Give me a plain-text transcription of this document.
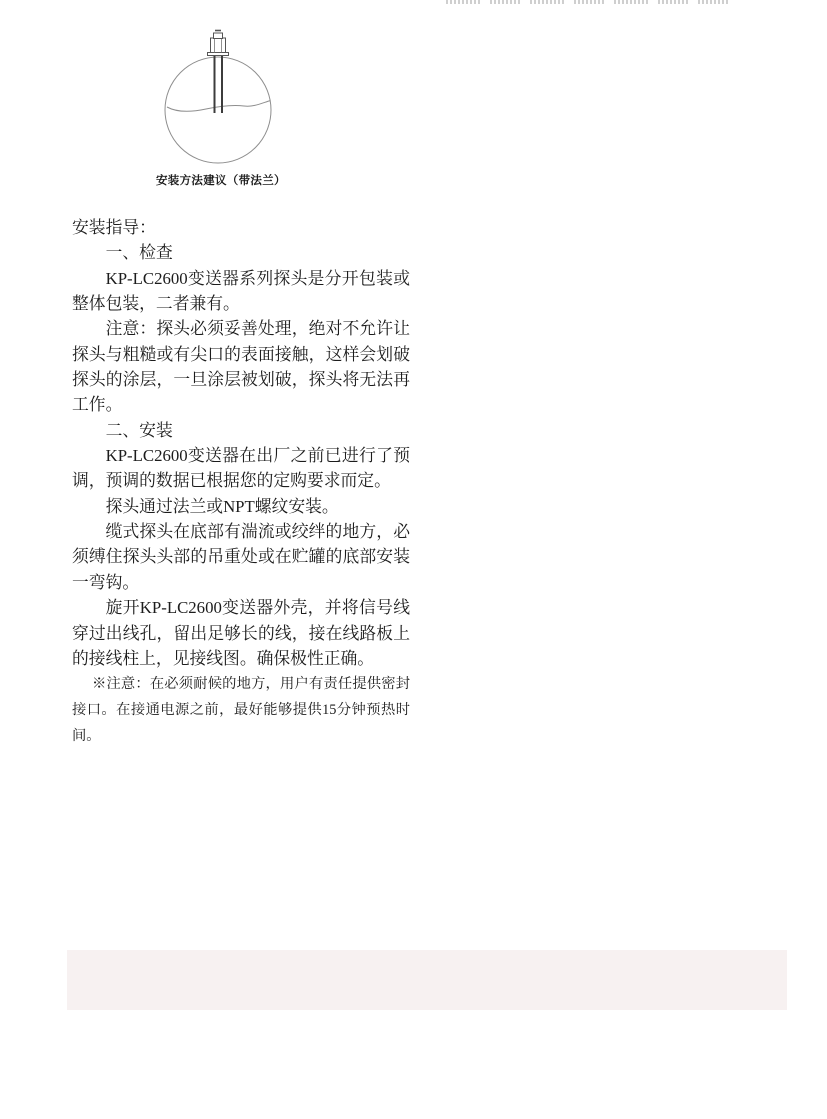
安装方法建议（带法兰）
安装指导：
一、检查
KP-LC2600变送器系列探头是分开包装或整体包装，二者兼有。
注意：探头必须妥善处理，绝对不允许让探头与粗糙或有尖口的表面接触，这样会划破探头的涂层，一旦涂层被划破，探头将无法再工作。
二、安装
KP-LC2600变送器在出厂之前已进行了预调，预调的数据已根据您的定购要求而定。
探头通过法兰或NPT螺纹安装。
缆式探头在底部有湍流或绞绊的地方，必须缚住探头头部的吊重处或在贮罐的底部安装一弯钩。
旋开KP-LC2600变送器外壳，并将信号线穿过出线孔，留出足够长的线，接在线路板上的接线柱上，见接线图。确保极性正确。
※注意：在必须耐候的地方，用户有责任提供密封接口。在接通电源之前，最好能够提供15分钟预热时间。
